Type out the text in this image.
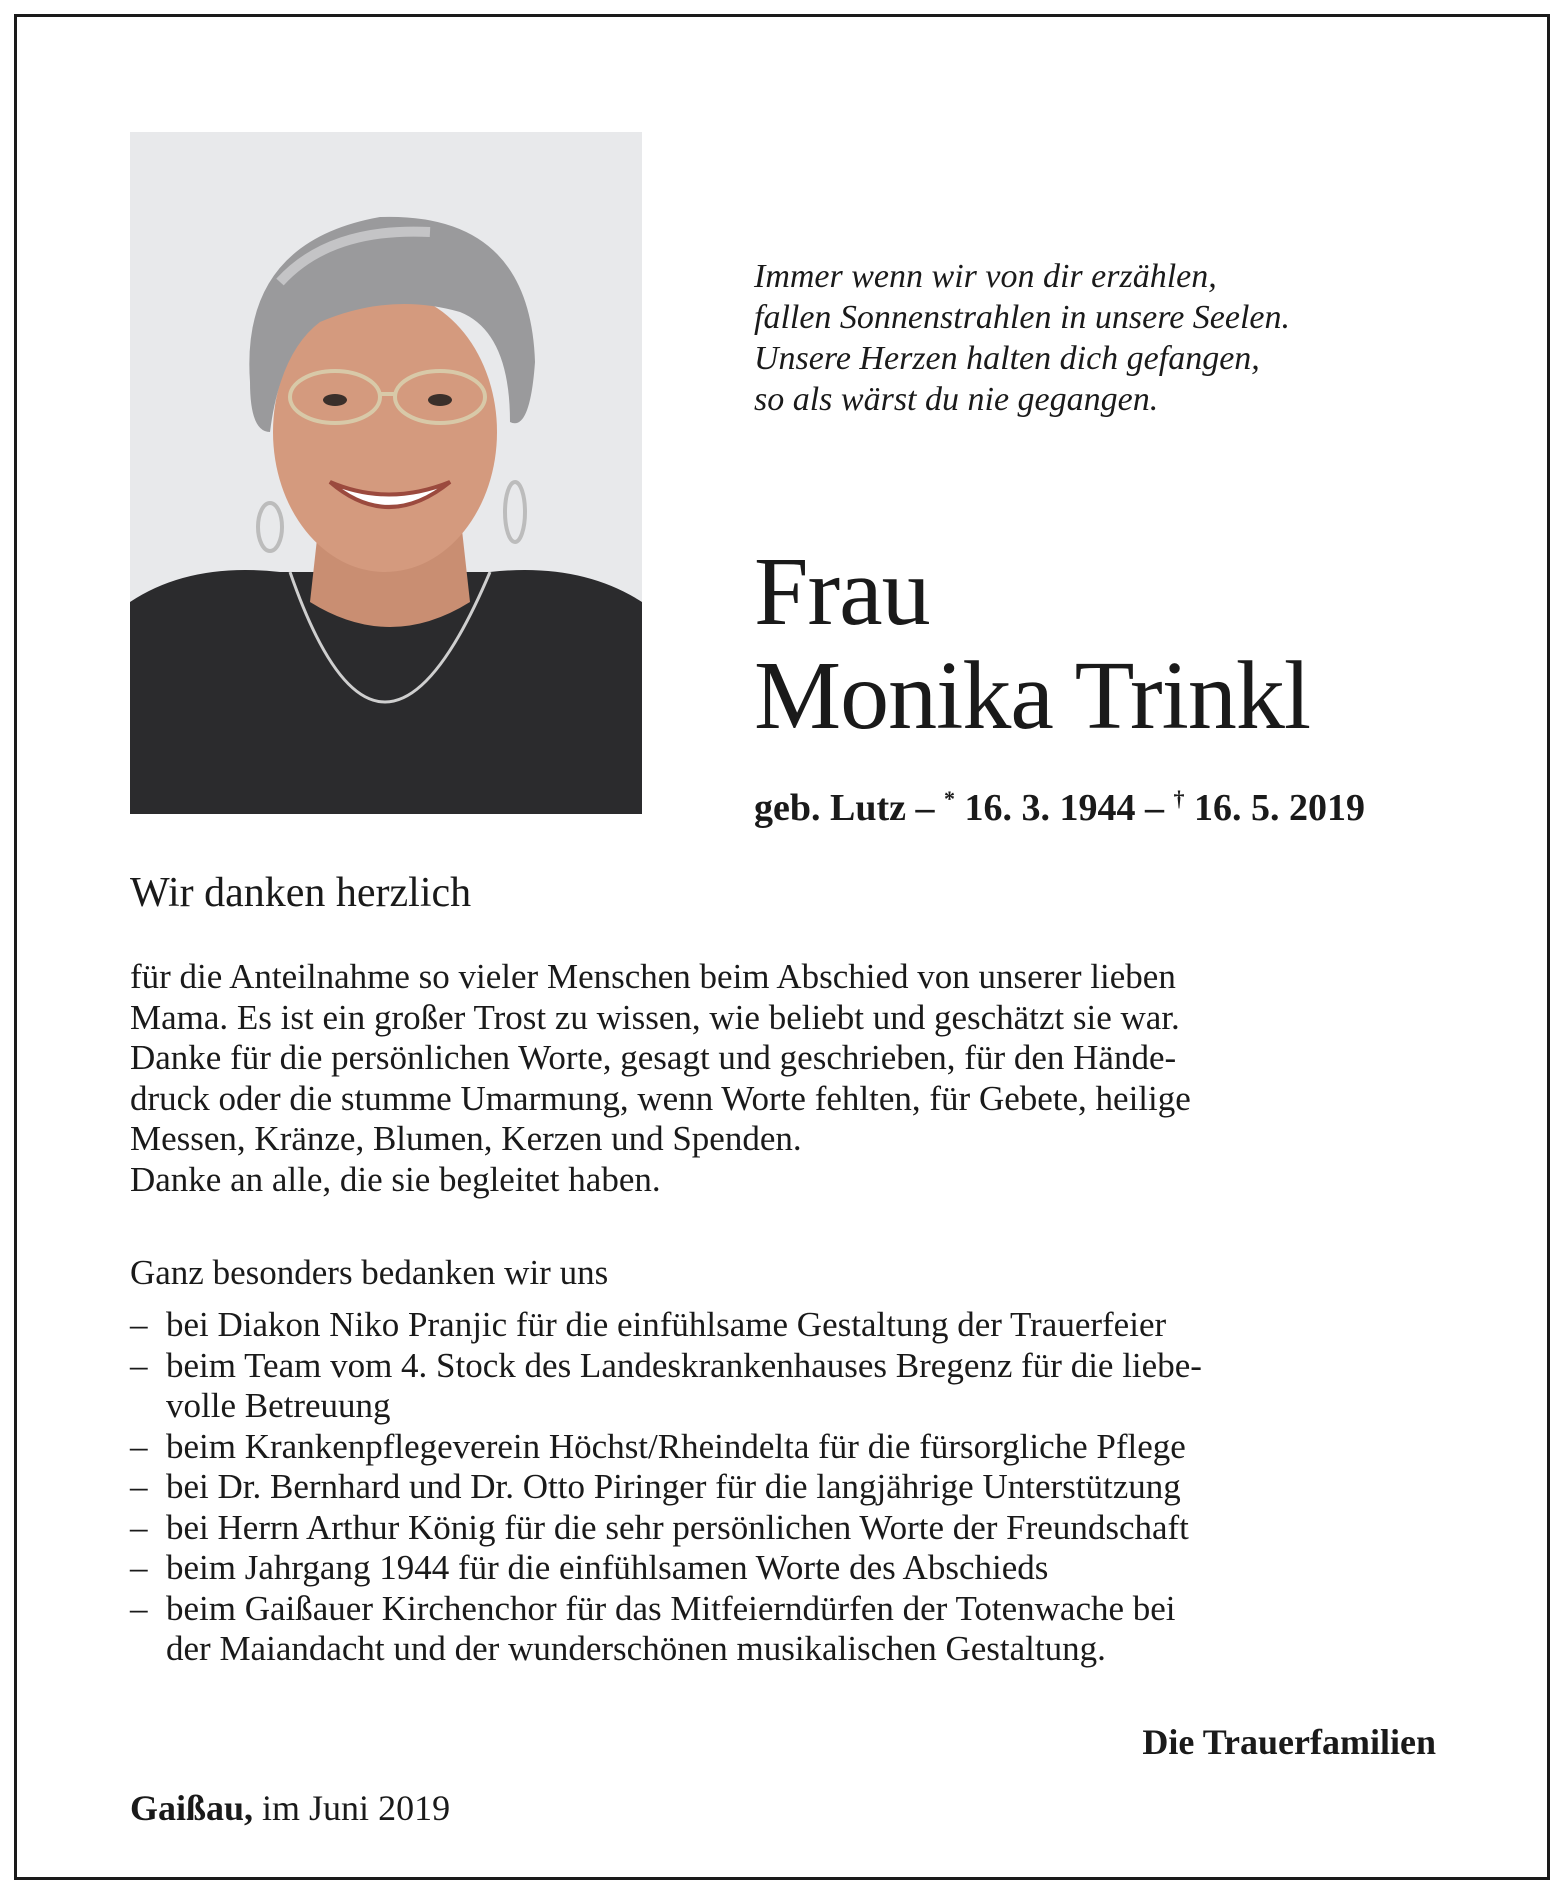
Immer wenn wir von dir erzählen,
fallen Sonnenstrahlen in unsere Seelen.
Unsere Herzen halten dich gefangen,
so als wärst du nie gegangen.
Frau
Monika Trinkl
geb. Lutz – * 16. 3. 1944 – † 16. 5. 2019
Wir danken herzlich
für die Anteilnahme so vieler Menschen beim Abschied von unserer lieben
Mama. Es ist ein großer Trost zu wissen, wie beliebt und geschätzt sie war.
Danke für die persönlichen Worte, gesagt und geschrieben, für den Hände-
druck oder die stumme Umarmung, wenn Worte fehlten, für Gebete, heilige
Messen, Kränze, Blumen, Kerzen und Spenden.
Danke an alle, die sie begleitet haben.
Ganz besonders bedanken wir uns
– bei Diakon Niko Pranjic für die einfühlsame Gestaltung der Trauerfeier
– beim Team vom 4. Stock des Landeskrankenhauses Bregenz für die liebe-
volle Betreuung
– beim Krankenpflegeverein Höchst/Rheindelta für die fürsorgliche Pflege
– bei Dr. Bernhard und Dr. Otto Piringer für die langjährige Unterstützung
– bei Herrn Arthur König für die sehr persönlichen Worte der Freundschaft
– beim Jahrgang 1944 für die einfühlsamen Worte des Abschieds
– beim Gaißauer Kirchenchor für das Mitfeierndürfen der Totenwache bei
der Maiandacht und der wunderschönen musikalischen Gestaltung.
Die Trauerfamilien
Gaißau, im Juni 2019
